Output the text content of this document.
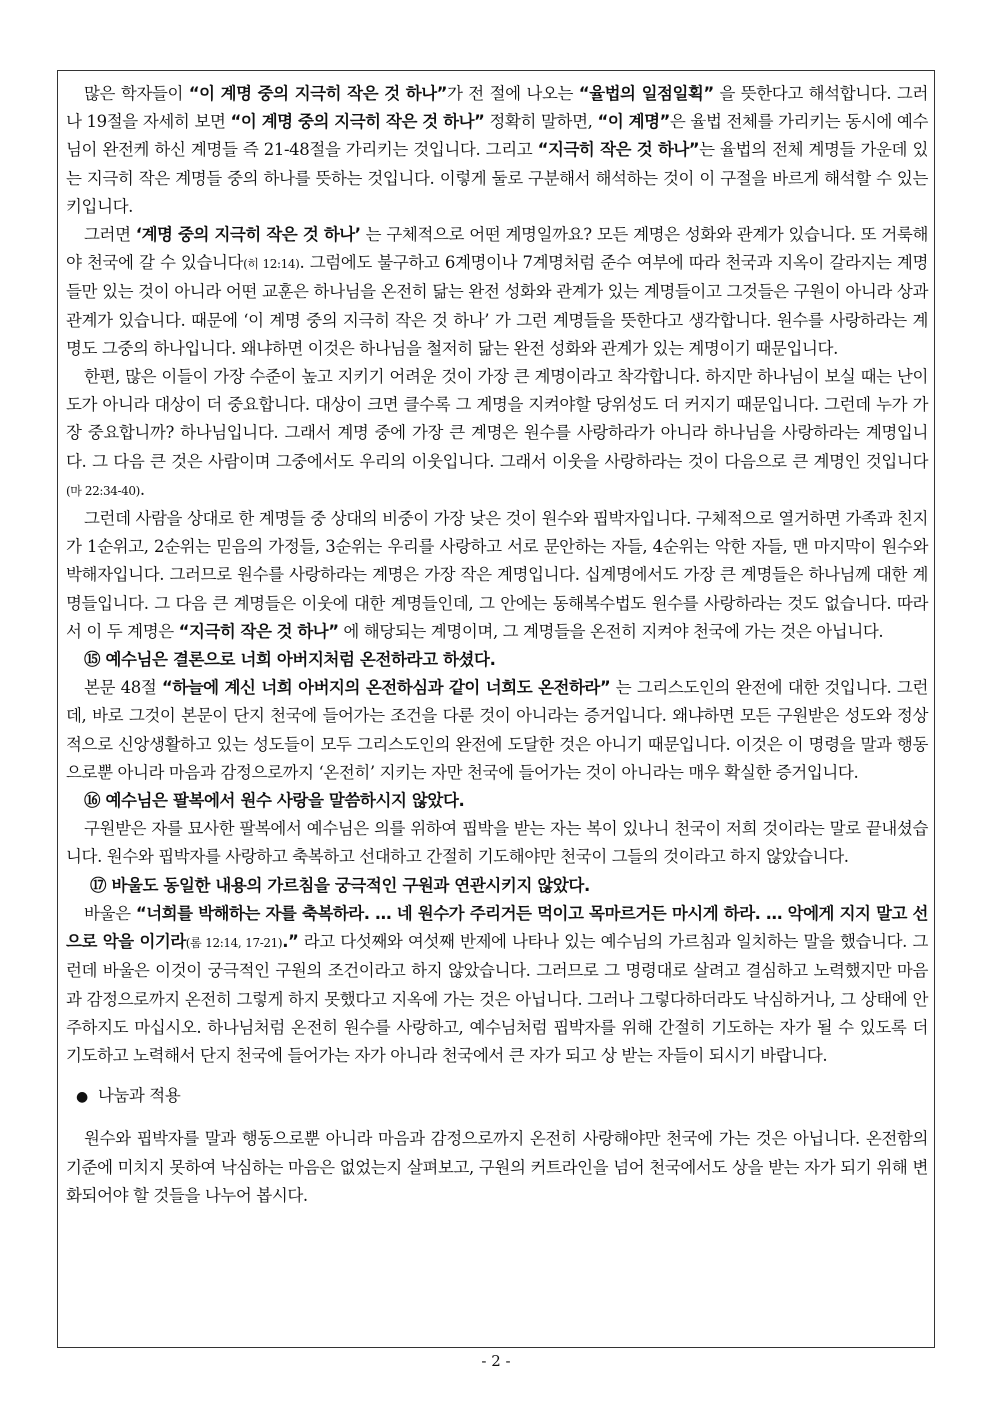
많은 학자들이 “이 계명 중의 지극히 작은 것 하나”가 전 절에 나오는 “율법의 일점일획” 을 뜻한다고 해석합니다. 그러나 19절을 자세히 보면 “이 계명 중의 지극히 작은 것 하나” 정확히 말하면, “이 계명”은 율법 전체를 가리키는 동시에 예수님이 완전케 하신 계명들 즉 21-48절을 가리키는 것입니다. 그리고 “지극히 작은 것 하나”는 율법의 전체 계명들 가운데 있는 지극히 작은 계명들 중의 하나를 뜻하는 것입니다. 이렇게 둘로 구분해서 해석하는 것이 이 구절을 바르게 해석할 수 있는 키입니다.

그러면 ‘계명 중의 지극히 작은 것 하나’ 는 구체적으로 어떤 계명일까요? 모든 계명은 성화와 관계가 있습니다. 또 거룩해야 천국에 갈 수 있습니다(히 12:14). 그럼에도 불구하고 6계명이나 7계명처럼 준수 여부에 따라 천국과 지옥이 갈라지는 계명들만 있는 것이 아니라 어떤 교훈은 하나님을 온전히 닮는 완전 성화와 관계가 있는 계명들이고 그것들은 구원이 아니라 상과 관계가 있습니다. 때문에 ‘이 계명 중의 지극히 작은 것 하나’ 가 그런 계명들을 뜻한다고 생각합니다. 원수를 사랑하라는 계명도 그중의 하나입니다. 왜냐하면 이것은 하나님을 철저히 닮는 완전 성화와 관계가 있는 계명이기 때문입니다.

한편, 많은 이들이 가장 수준이 높고 지키기 어려운 것이 가장 큰 계명이라고 착각합니다. 하지만 하나님이 보실 때는 난이도가 아니라 대상이 더 중요합니다. 대상이 크면 클수록 그 계명을 지켜야할 당위성도 더 커지기 때문입니다. 그런데 누가 가장 중요합니까? 하나님입니다. 그래서 계명 중에 가장 큰 계명은 원수를 사랑하라가 아니라 하나님을 사랑하라는 계명입니다. 그 다음 큰 것은 사람이며 그중에서도 우리의 이웃입니다. 그래서 이웃을 사랑하라는 것이 다음으로 큰 계명인 것입니다(마 22:34-40).

그런데 사람을 상대로 한 계명들 중 상대의 비중이 가장 낮은 것이 원수와 핍박자입니다. 구체적으로 열거하면 가족과 친지가 1순위고, 2순위는 믿음의 가정들, 3순위는 우리를 사랑하고 서로 문안하는 자들, 4순위는 악한 자들, 맨 마지막이 원수와 박해자입니다. 그러므로 원수를 사랑하라는 계명은 가장 작은 계명입니다. 십계명에서도 가장 큰 계명들은 하나님께 대한 계명들입니다. 그 다음 큰 계명들은 이웃에 대한 계명들인데, 그 안에는 동해복수법도 원수를 사랑하라는 것도 없습니다. 따라서 이 두 계명은 “지극히 작은 것 하나” 에 해당되는 계명이며, 그 계명들을 온전히 지켜야 천국에 가는 것은 아닙니다.

⑮ 예수님은 결론으로 너희 아버지처럼 온전하라고 하셨다.

본문 48절 “하늘에 계신 너희 아버지의 온전하심과 같이 너희도 온전하라” 는 그리스도인의 완전에 대한 것입니다. 그런데, 바로 그것이 본문이 단지 천국에 들어가는 조건을 다룬 것이 아니라는 증거입니다. 왜냐하면 모든 구원받은 성도와 정상적으로 신앙생활하고 있는 성도들이 모두 그리스도인의 완전에 도달한 것은 아니기 때문입니다. 이것은 이 명령을 말과 행동으로뿐 아니라 마음과 감정으로까지 ‘온전히’ 지키는 자만 천국에 들어가는 것이 아니라는 매우 확실한 증거입니다.

⑯ 예수님은 팔복에서 원수 사랑을 말씀하시지 않았다.

구원받은 자를 묘사한 팔복에서 예수님은 의를 위하여 핍박을 받는 자는 복이 있나니 천국이 저희 것이라는 말로 끝내셨습니다. 원수와 핍박자를 사랑하고 축복하고 선대하고 간절히 기도해야만 천국이 그들의 것이라고 하지 않았습니다.

⑰ 바울도 동일한 내용의 가르침을 궁극적인 구원과 연관시키지 않았다.

바울은 “너희를 박해하는 자를 축복하라. … 네 원수가 주리거든 먹이고 목마르거든 마시게 하라. … 악에게 지지 말고 선으로 악을 이기라(롬 12:14, 17-21).” 라고 다섯째와 여섯째 반제에 나타나 있는 예수님의 가르침과 일치하는 말을 했습니다. 그런데 바울은 이것이 궁극적인 구원의 조건이라고 하지 않았습니다. 그러므로 그 명령대로 살려고 결심하고 노력했지만 마음과 감정으로까지 온전히 그렇게 하지 못했다고 지옥에 가는 것은 아닙니다. 그러나 그렇다하더라도 낙심하거나, 그 상태에 안주하지도 마십시오. 하나님처럼 온전히 원수를 사랑하고, 예수님처럼 핍박자를 위해 간절히 기도하는 자가 될 수 있도록 더 기도하고 노력해서 단지 천국에 들어가는 자가 아니라 천국에서 큰 자가 되고 상 받는 자들이 되시기 바랍니다.

● 나눔과 적용

원수와 핍박자를 말과 행동으로뿐 아니라 마음과 감정으로까지 온전히 사랑해야만 천국에 가는 것은 아닙니다. 온전함의 기준에 미치지 못하여 낙심하는 마음은 없었는지 살펴보고, 구원의 커트라인을 넘어 천국에서도 상을 받는 자가 되기 위해 변화되어야 할 것들을 나누어 봅시다.

- 2 -
